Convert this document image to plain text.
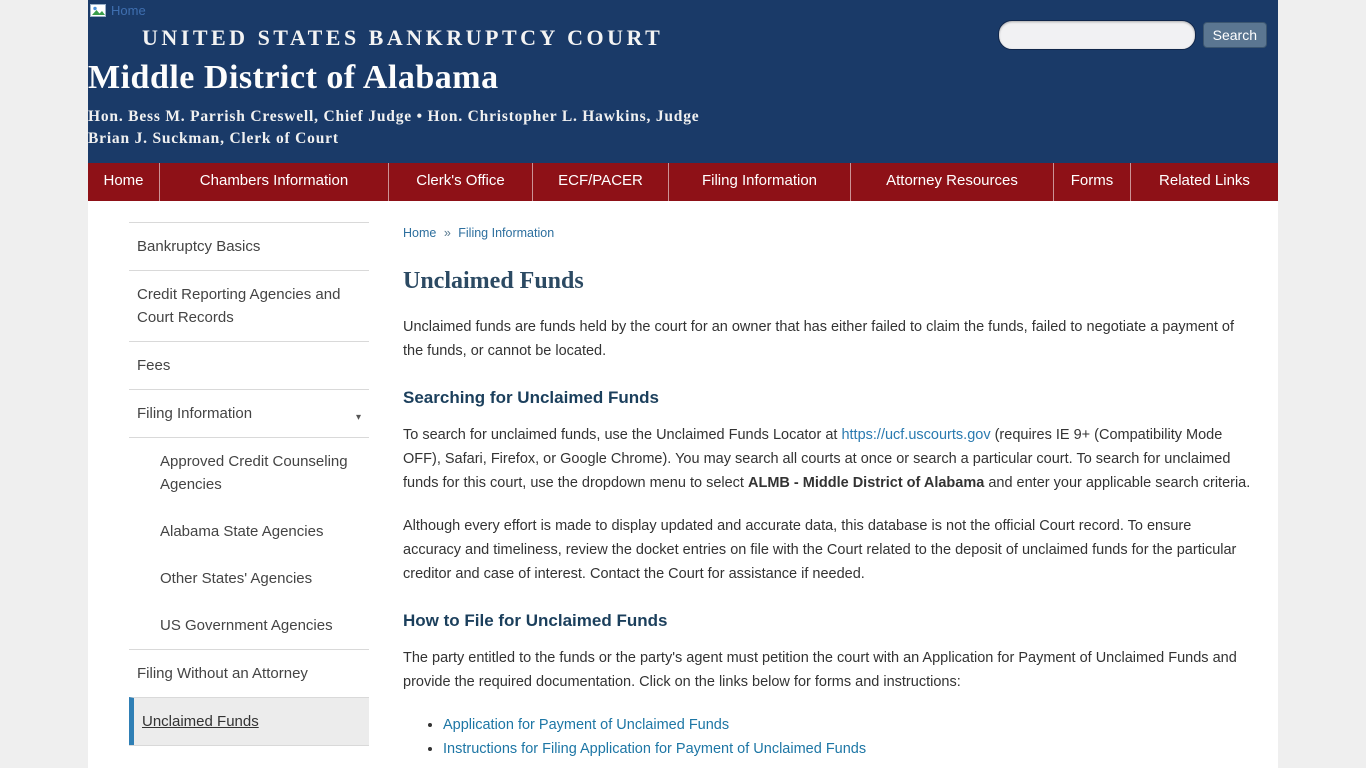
Home
UNITED STATES BANKRUPTCY COURT
Middle District of Alabama
Hon. Bess M. Parrish Creswell, Chief Judge • Hon. Christopher L. Hawkins, Judge
Brian J. Suckman, Clerk of Court
Search
Home	Chambers Information	Clerk's Office	ECF/PACER	Filing Information	Attorney Resources	Forms	Related Links
Bankruptcy Basics
Credit Reporting Agencies and Court Records
Fees
Filing Information	▾
Approved Credit Counseling Agencies
Alabama State Agencies
Other States' Agencies
US Government Agencies
Filing Without an Attorney
Unclaimed Funds
Home » Filing Information
Unclaimed Funds

Unclaimed funds are funds held by the court for an owner that has either failed to claim the funds, failed to negotiate a payment of the funds, or cannot be located.

Searching for Unclaimed Funds

To search for unclaimed funds, use the Unclaimed Funds Locator at https://ucf.uscourts.gov (requires IE 9+ (Compatibility Mode OFF), Safari, Firefox, or Google Chrome). You may search all courts at once or search a particular court. To search for unclaimed funds for this court, use the dropdown menu to select ALMB - Middle District of Alabama and enter your applicable search criteria.

Although every effort is made to display updated and accurate data, this database is not the official Court record. To ensure accuracy and timeliness, review the docket entries on file with the Court related to the deposit of unclaimed funds for the particular creditor and case of interest. Contact the Court for assistance if needed.

How to File for Unclaimed Funds

The party entitled to the funds or the party's agent must petition the court with an Application for Payment of Unclaimed Funds and provide the required documentation. Click on the links below for forms and instructions:

• Application for Payment of Unclaimed Funds
• Instructions for Filing Application for Payment of Unclaimed Funds
